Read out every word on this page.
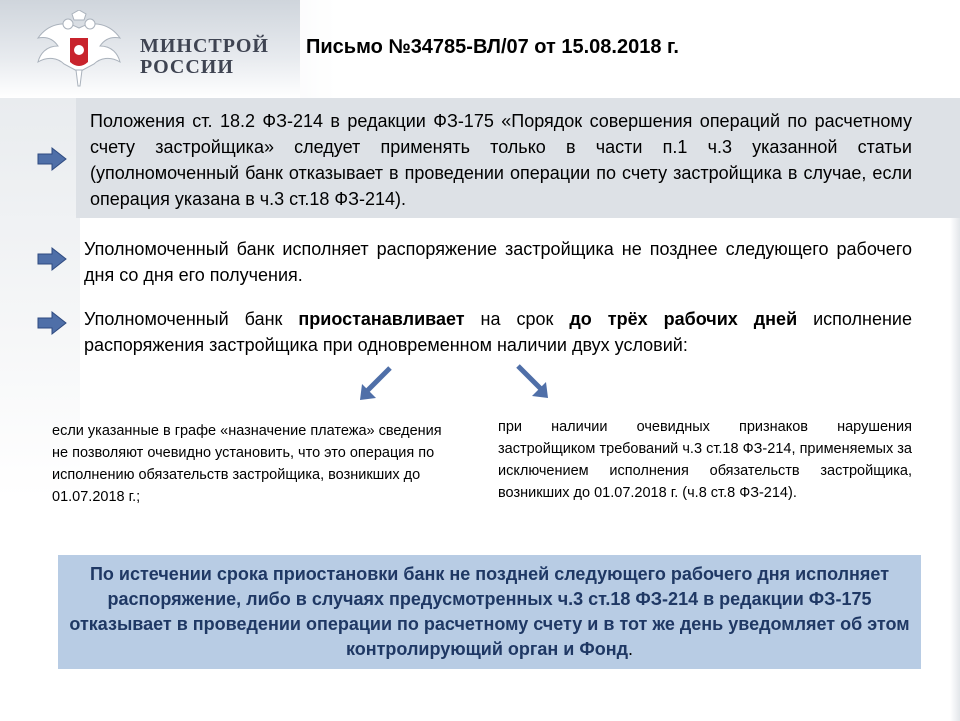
МИНСТРОЙ
РОССИИ
Письмо №34785-ВЛ/07 от 15.08.2018 г.
Положения ст. 18.2 ФЗ-214 в редакции ФЗ-175 «Порядок совершения операций по расчетному счету застройщика» следует применять только в части п.1 ч.3 указанной статьи (уполномоченный банк отказывает в проведении операции по счету застройщика в случае, если операция указана в ч.3 ст.18 ФЗ-214).
Уполномоченный банк исполняет распоряжение застройщика не позднее следующего рабочего дня со дня его получения.
Уполномоченный банк приостанавливает на срок до трёх рабочих дней исполнение распоряжения застройщика при одновременном наличии двух условий:
если указанные в графе «назначение платежа» сведения не позволяют очевидно установить, что это операция по исполнению обязательств застройщика, возникших до 01.07.2018 г.;
при наличии очевидных признаков нарушения застройщиком требований ч.3 ст.18 ФЗ-214, применяемых за исключением исполнения обязательств застройщика, возникших до 01.07.2018 г. (ч.8 ст.8 ФЗ-214).
По истечении срока приостановки банк не поздней следующего рабочего дня исполняет распоряжение, либо в случаях предусмотренных ч.3 ст.18 ФЗ-214 в редакции ФЗ-175 отказывает в проведении операции по расчетному счету и в тот же день уведомляет об этом контролирующий орган и Фонд.
